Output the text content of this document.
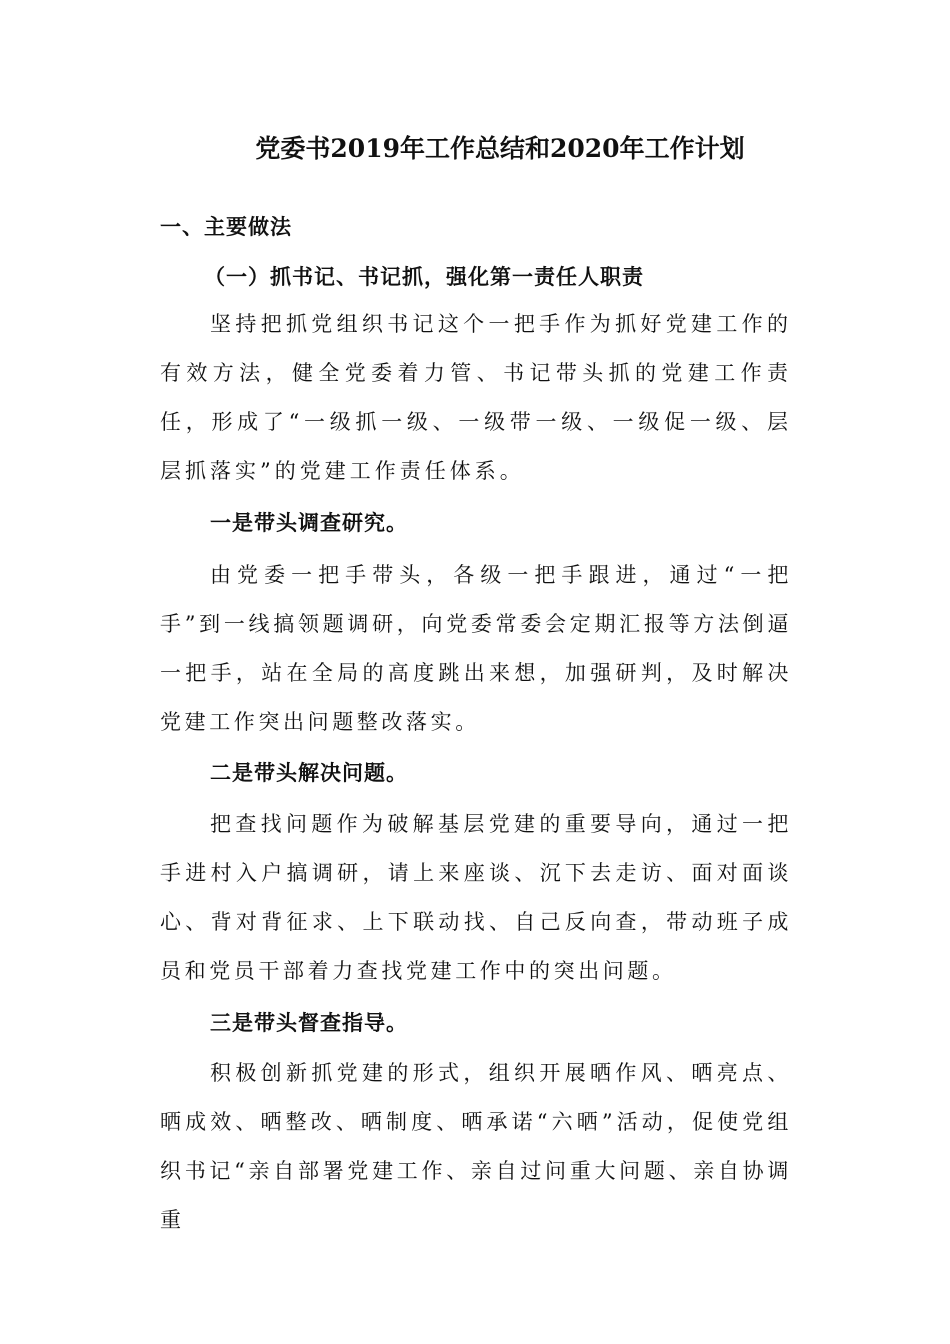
党委书2019年工作总结和2020年工作计划
一、主要做法
（一）抓书记、书记抓，强化第一责任人职责

坚持把抓党组织书记这个一把手作为抓好党建工作的有效方法，健全党委着力管、书记带头抓的党建工作责任，形成了“一级抓一级、一级带一级、一级促一级、层层抓落实”的党建工作责任体系。

一是带头调查研究。

由党委一把手带头，各级一把手跟进，通过“一把手”到一线搞领题调研，向党委常委会定期汇报等方法倒逼一把手，站在全局的高度跳出来想，加强研判，及时解决党建工作突出问题整改落实。

二是带头解决问题。

把查找问题作为破解基层党建的重要导向，通过一把手进村入户搞调研，请上来座谈、沉下去走访、面对面谈心、背对背征求、上下联动找、自己反向查，带动班子成员和党员干部着力查找党建工作中的突出问题。

三是带头督查指导。

积极创新抓党建的形式，组织开展晒作风、晒亮点、晒成效、晒整改、晒制度、晒承诺“六晒”活动，促使党组织书记“亲自部署党建工作、亲自过问重大问题、亲自协调重
